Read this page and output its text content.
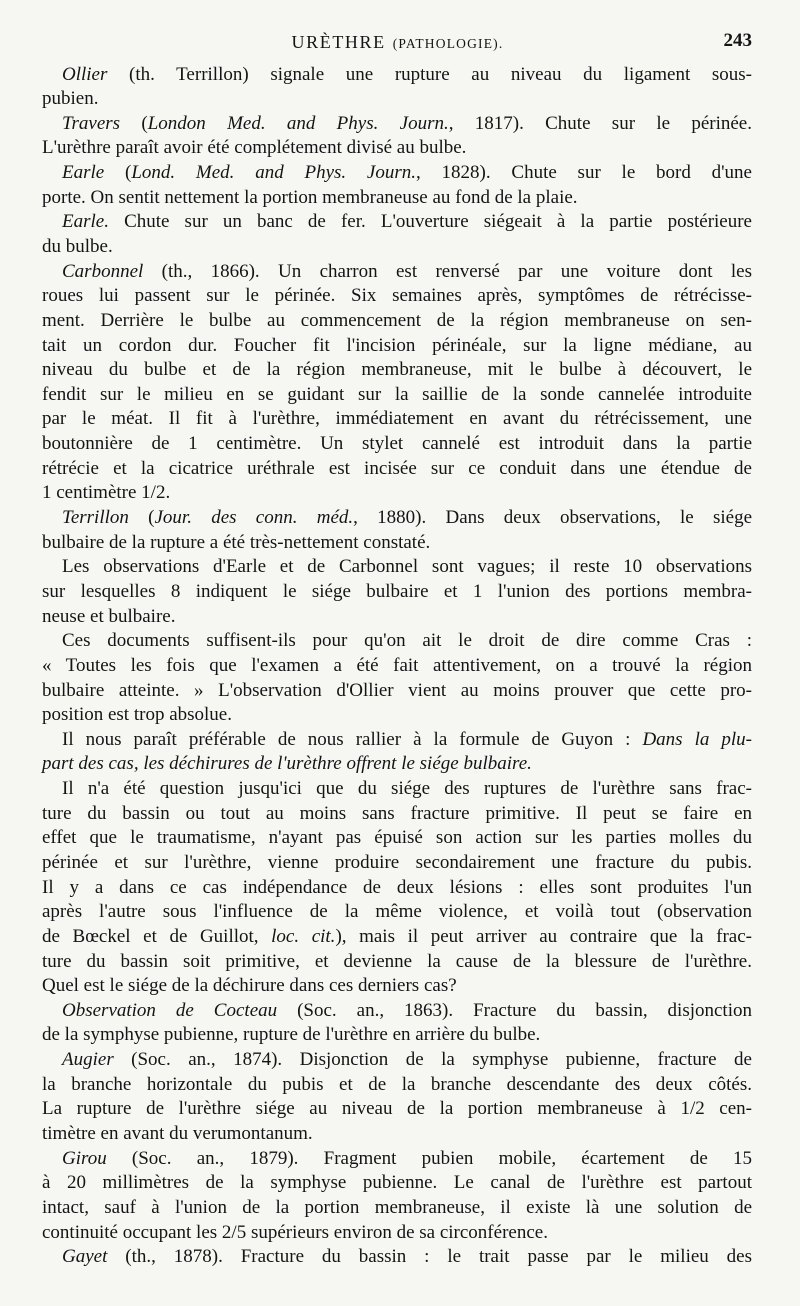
URÈTHRE (PATHOLOGIE).	243
Ollier (th. Terrillon) signale une rupture au niveau du ligament sous-
pubien.
Travers (London Med. and Phys. Journ., 1817). Chute sur le périnée.
L'urèthre paraît avoir été complétement divisé au bulbe.
Earle (Lond. Med. and Phys. Journ., 1828). Chute sur le bord d'une
porte. On sentit nettement la portion membraneuse au fond de la plaie.
Earle. Chute sur un banc de fer. L'ouverture siégeait à la partie postérieure
du bulbe.
Carbonnel (th., 1866). Un charron est renversé par une voiture dont les
roues lui passent sur le périnée. Six semaines après, symptômes de rétrécisse-
ment. Derrière le bulbe au commencement de la région membraneuse on sen-
tait un cordon dur. Foucher fit l'incision périnéale, sur la ligne médiane, au
niveau du bulbe et de la région membraneuse, mit le bulbe à découvert, le
fendit sur le milieu en se guidant sur la saillie de la sonde cannelée introduite
par le méat. Il fit à l'urèthre, immédiatement en avant du rétrécissement, une
boutonnière de 1 centimètre. Un stylet cannelé est introduit dans la partie
rétrécie et la cicatrice uréthrale est incisée sur ce conduit dans une étendue de
1 centimètre 1/2.
Terrillon (Jour. des conn. méd., 1880). Dans deux observations, le siége
bulbaire de la rupture a été très-nettement constaté.
Les observations d'Earle et de Carbonnel sont vagues; il reste 10 observations
sur lesquelles 8 indiquent le siége bulbaire et 1 l'union des portions membra-
neuse et bulbaire.
Ces documents suffisent-ils pour qu'on ait le droit de dire comme Cras :
« Toutes les fois que l'examen a été fait attentivement, on a trouvé la région
bulbaire atteinte. » L'observation d'Ollier vient au moins prouver que cette pro-
position est trop absolue.
Il nous paraît préférable de nous rallier à la formule de Guyon : Dans la plu-
part des cas, les déchirures de l'urèthre offrent le siége bulbaire.
Il n'a été question jusqu'ici que du siége des ruptures de l'urèthre sans frac-
ture du bassin ou tout au moins sans fracture primitive. Il peut se faire en
effet que le traumatisme, n'ayant pas épuisé son action sur les parties molles du
périnée et sur l'urèthre, vienne produire secondairement une fracture du pubis.
Il y a dans ce cas indépendance de deux lésions : elles sont produites l'un
après l'autre sous l'influence de la même violence, et voilà tout (observation
de Bœckel et de Guillot, loc. cit.), mais il peut arriver au contraire que la frac-
ture du bassin soit primitive, et devienne la cause de la blessure de l'urèthre.
Quel est le siége de la déchirure dans ces derniers cas?
Observation de Cocteau (Soc. an., 1863). Fracture du bassin, disjonction
de la symphyse pubienne, rupture de l'urèthre en arrière du bulbe.
Augier (Soc. an., 1874). Disjonction de la symphyse pubienne, fracture de
la branche horizontale du pubis et de la branche descendante des deux côtés.
La rupture de l'urèthre siége au niveau de la portion membraneuse à 1/2 cen-
timètre en avant du verumontanum.
Girou (Soc. an., 1879). Fragment pubien mobile, écartement de 15
à 20 millimètres de la symphyse pubienne. Le canal de l'urèthre est partout
intact, sauf à l'union de la portion membraneuse, il existe là une solution de
continuité occupant les 2/5 supérieurs environ de sa circonférence.
Gayet (th., 1878). Fracture du bassin : le trait passe par le milieu des
